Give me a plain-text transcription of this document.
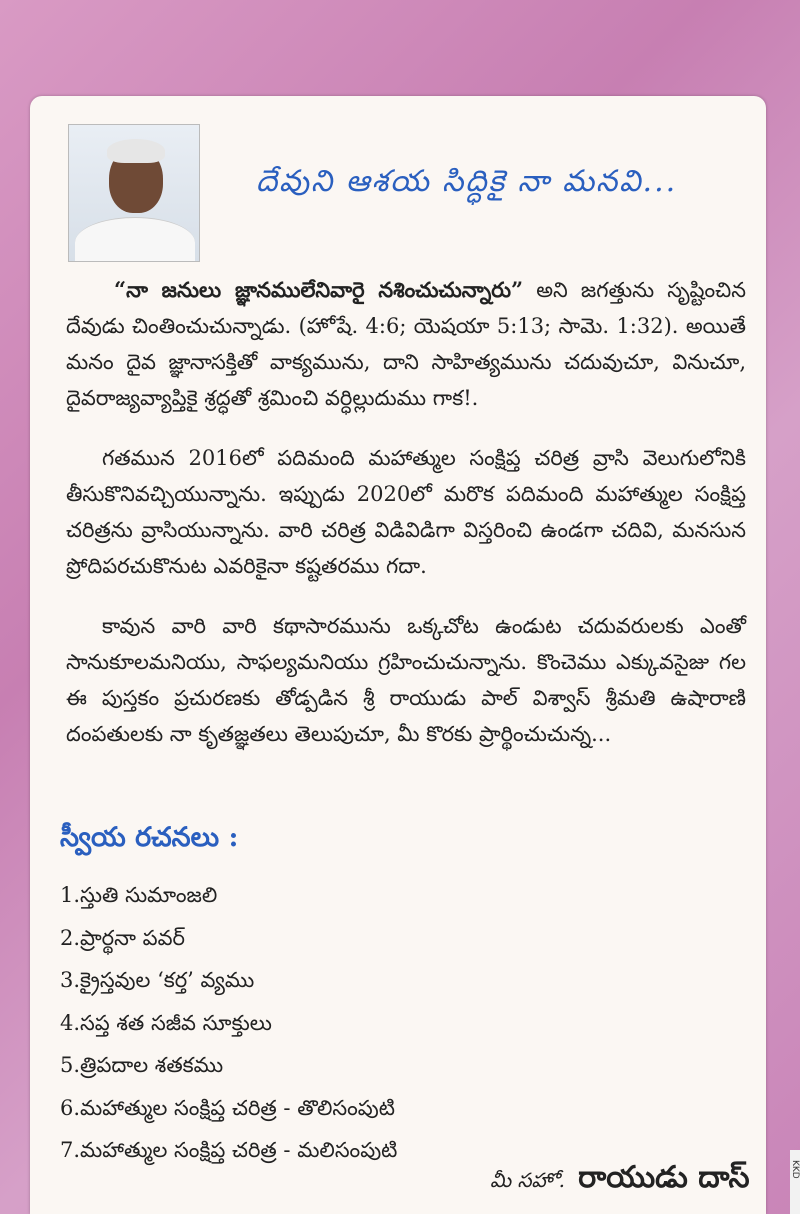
KKD
దేవుని ఆశయ సిద్ధికై నా మనవి...

“నా జనులు జ్ఞానములేనివారై నశించుచున్నారు” అని జగత్తును సృష్టించిన దేవుడు చింతించుచున్నాడు. (హోషే. 4:6; యెషయా 5:13; సామె. 1:32). అయితే మనం దైవ జ్ఞానాసక్తితో వాక్యమును, దాని సాహిత్యమును చదువుచూ, వినుచూ, దైవరాజ్యవ్యాప్తికై శ్రద్ధతో శ్రమించి వర్ధిల్లుదుము గాక!.

గతమున 2016లో పదిమంది మహాత్ముల సంక్షిప్త చరిత్ర వ్రాసి వెలుగులోనికి తీసుకొనివచ్చియున్నాను. ఇప్పుడు 2020లో మరొక పదిమంది మహాత్ముల సంక్షిప్త చరిత్రను వ్రాసియున్నాను. వారి చరిత్ర విడివిడిగా విస్తరించి ఉండగా చదివి, మనసున ప్రోదిపరచుకొనుట ఎవరికైనా కష్టతరము గదా.

కావున వారి వారి కథాసారమును ఒక్కచోట ఉండుట చదువరులకు ఎంతో సానుకూలమనియు, సాఫల్యమనియు గ్రహించుచున్నాను. కొంచెము ఎక్కువసైజు గల ఈ పుస్తకం ప్రచురణకు తోడ్పడిన శ్రీ రాయుడు పాల్ విశ్వాస్ శ్రీమతి ఉషారాణి దంపతులకు నా కృతజ్ఞతలు తెలుపుచూ, మీ కొరకు ప్రార్థించుచున్న...

స్వీయ రచనలు :
1.స్తుతి సుమాంజలి
2.ప్రార్థనా పవర్
3.క్రైస్తవుల ‘కర్త’ వ్యము
4.సప్త శత సజీవ సూక్తులు
5.త్రిపదాల శతకము
6.మహాత్ముల సంక్షిప్త చరిత్ర - తొలిసంపుటి
7.మహాత్ముల సంక్షిప్త చరిత్ర - మలిసంపుటి
మీ సహో. రాయుడు దాస్
